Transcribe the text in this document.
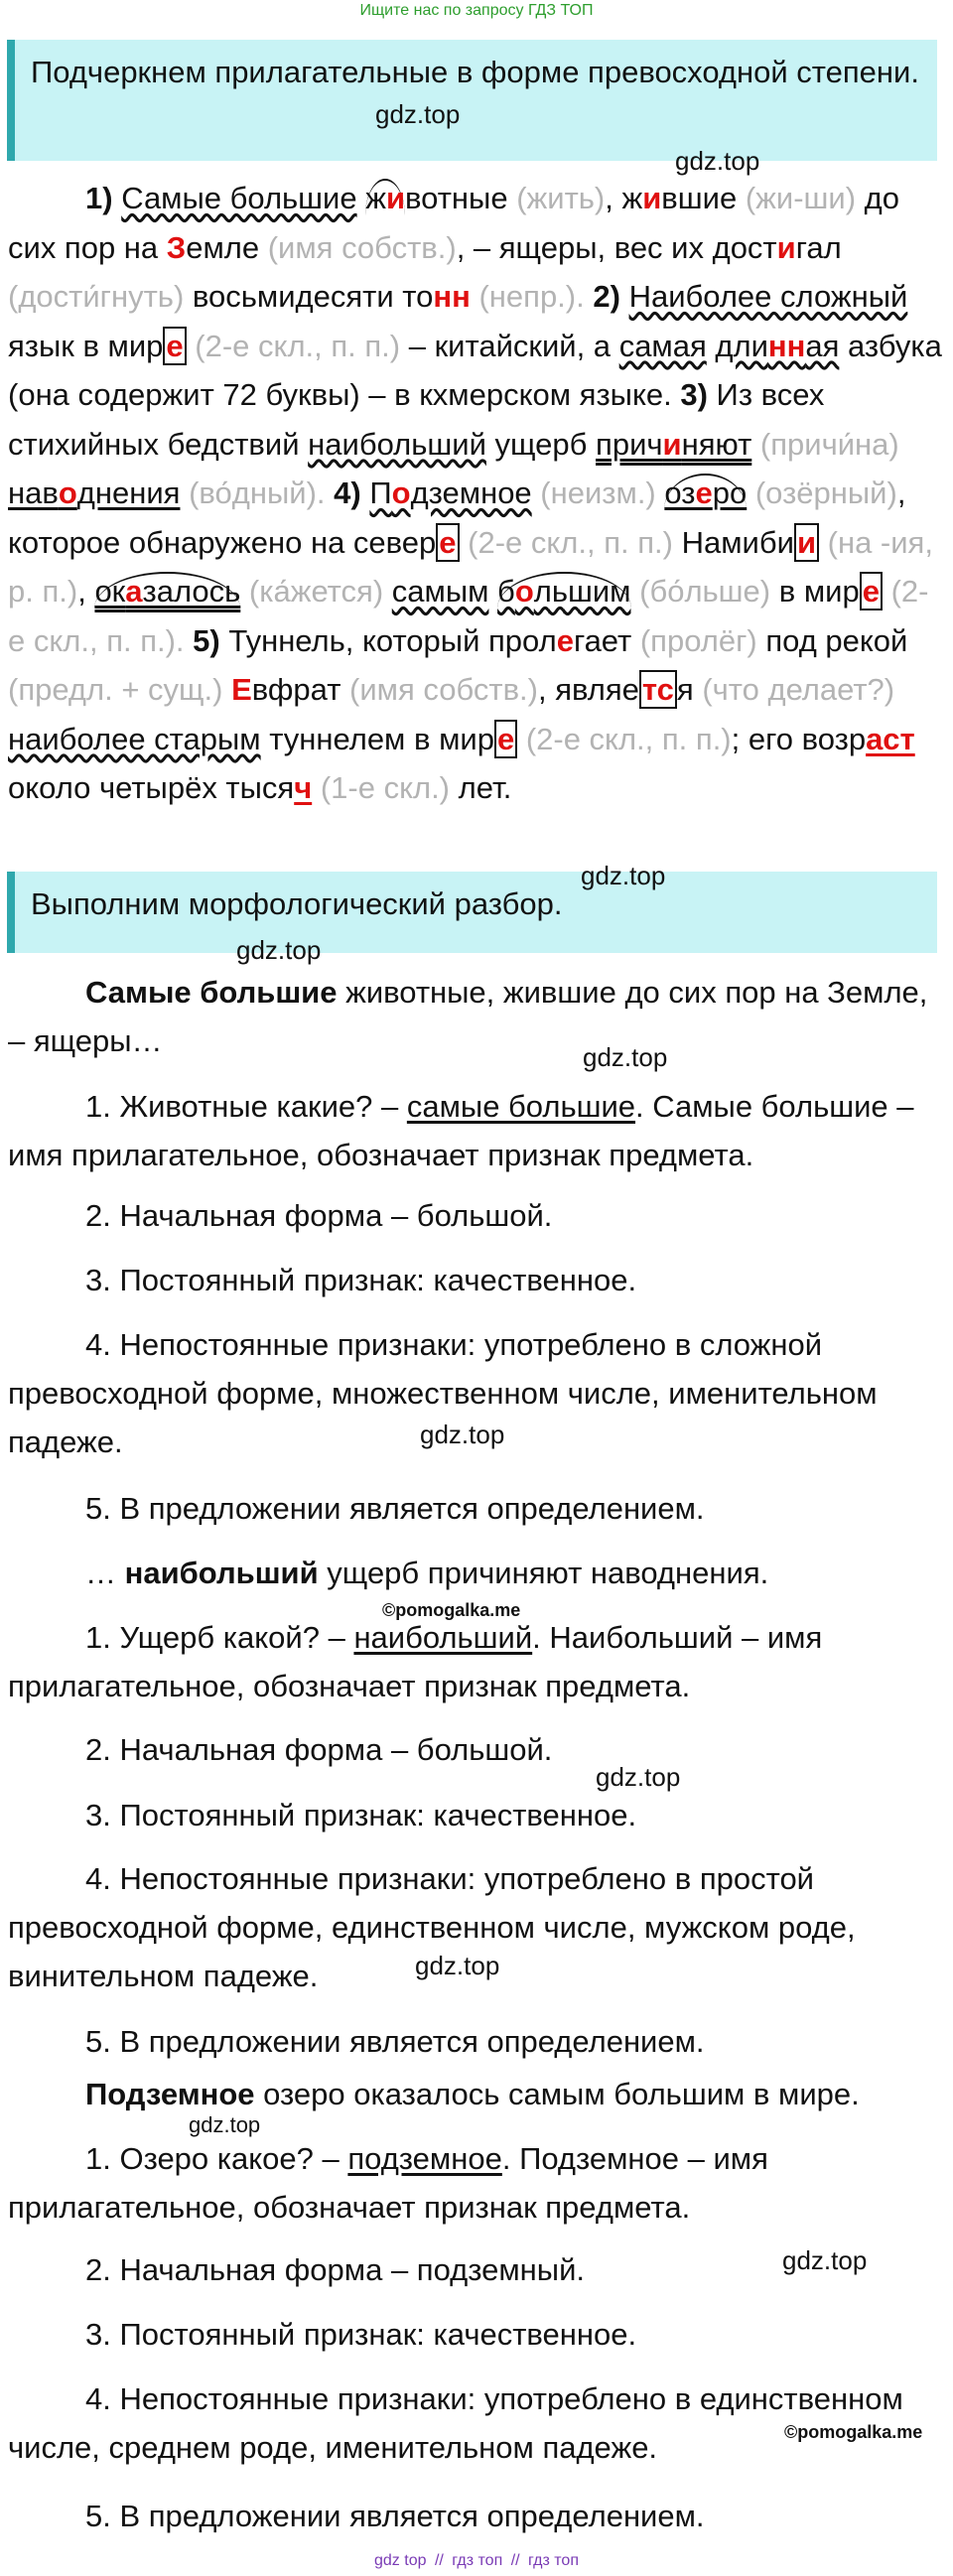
Ищите нас по запросу ГДЗ ТОП
Подчеркнем прилагательные в форме превосходной степени.

1) Самые большие животные (жить), жившие (жи-ши) до сих пор на Земле (имя собств.), – ящеры, вес их достигал (дости́гнуть) восьмидесяти тонн (непр.). 2) Наиболее сложный язык в мире (2-е скл., п. п.) – китайский, а самая длинная азбука (она содержит 72 буквы) – в кхмерском языке. 3) Из всех стихийных бедствий наибольший ущерб причиняют (причи́на) наводнения (во́дный). 4) Подземное (неизм.) озеро (озёрный), которое обнаружено на севере (2-е скл., п. п.) Намибии (на -ия, р. п.), оказалось (ка́жется) самым большим (бо́льше) в мире (2-е скл., п. п.). 5) Туннель, который пролегает (пролёг) под рекой (предл. + сущ.) Евфрат (имя собств.), является (что делает?) наиболее старым туннелем в мире (2-е скл., п. п.); его возраст около четырёх тысяч (1-е скл.) лет.

Выполним морфологический разбор.

Самые большие животные, жившие до сих пор на Земле, – ящеры…

1. Животные какие? – самые большие. Самые большие – имя прилагательное, обозначает признак предмета.

2. Начальная форма – большой.

3. Постоянный признак: качественное.

4. Непостоянные признаки: употреблено в сложной превосходной форме, множественном числе, именительном падеже.

5. В предложении является определением.

… наибольший ущерб причиняют наводнения.

1. Ущерб какой? – наибольший. Наибольший – имя прилагательное, обозначает признак предмета.

2. Начальная форма – большой.

3. Постоянный признак: качественное.

4. Непостоянные признаки: употреблено в простой превосходной форме, единственном числе, мужском роде, винительном падеже.

5. В предложении является определением.

Подземное озеро оказалось самым большим в мире.

1. Озеро какое? – подземное. Подземное – имя прилагательное, обозначает признак предмета.

2. Начальная форма – подземный.

3. Постоянный признак: качественное.

4. Непостоянные признаки: употреблено в единственном числе, среднем роде, именительном падеже.

5. В предложении является определением.

gdz.top
gdz.top
gdz.top
gdz.top
gdz.top
gdz.top
©pomogalka.me
gdz.top
gdz.top
gdz.top
gdz.top
©pomogalka.me
gdz top // гдз топ // гдз топ
